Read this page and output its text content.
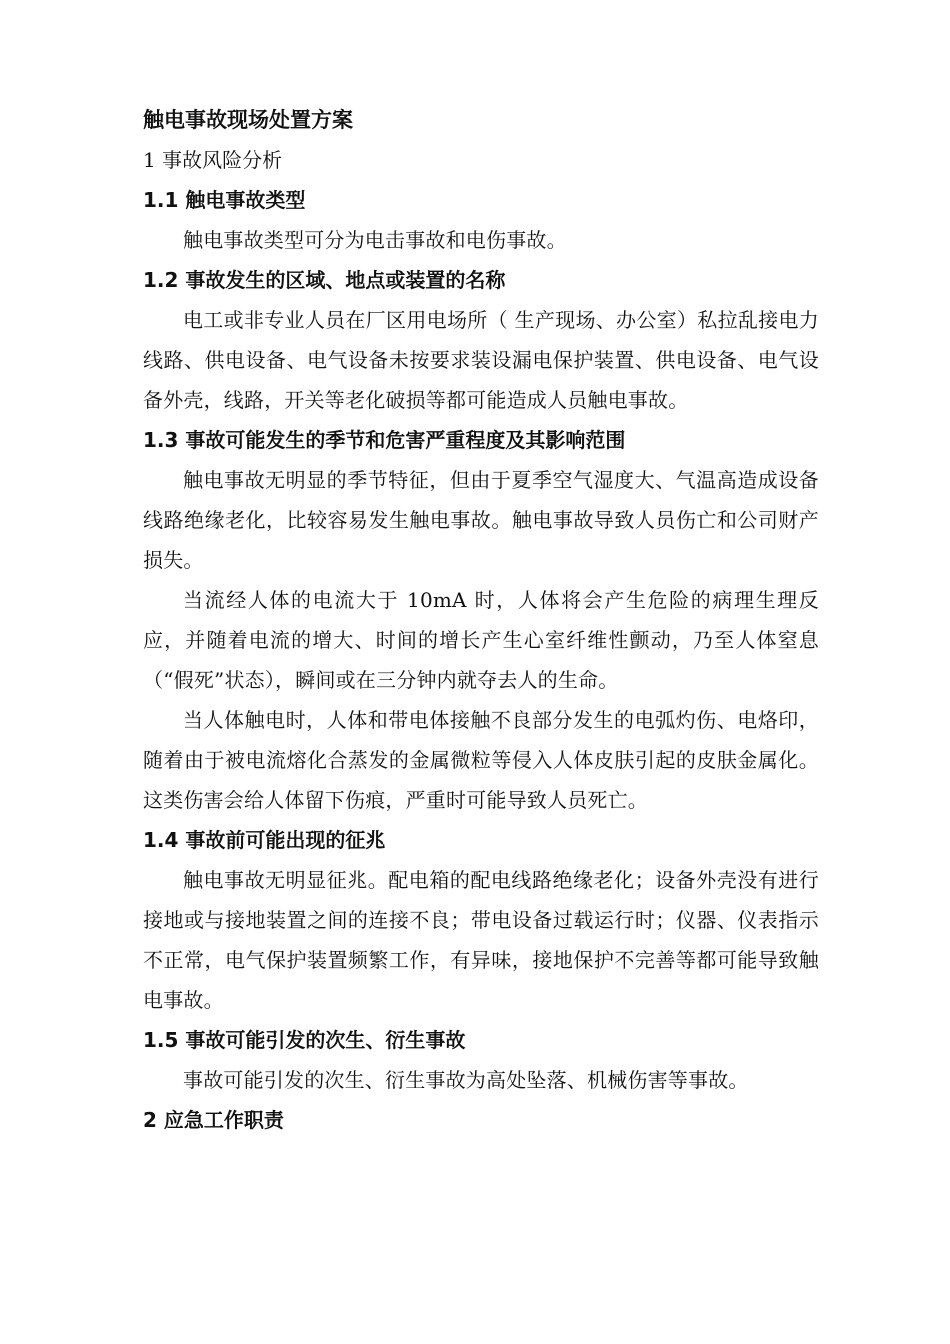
触电事故现场处置方案

1 事故风险分析

1.1 触电事故类型

触电事故类型可分为电击事故和电伤事故。

1.2 事故发生的区域、地点或装置的名称

电工或非专业人员在厂区用电场所（ 生产现场、办公室）私拉乱接电力线路、供电设备、电气设备未按要求装设漏电保护装置、供电设备、电气设备外壳，线路，开关等老化破损等都可能造成人员触电事故。

1.3 事故可能发生的季节和危害严重程度及其影响范围

触电事故无明显的季节特征，但由于夏季空气湿度大、气温高造成设备线路绝缘老化，比较容易发生触电事故。触电事故导致人员伤亡和公司财产损失。

当流经人体的电流大于 10mA 时，人体将会产生危险的病理生理反应，并随着电流的增大、时间的增长产生心室纤维性颤动，乃至人体窒息（“假死”状态），瞬间或在三分钟内就夺去人的生命。

当人体触电时，人体和带电体接触不良部分发生的电弧灼伤、电烙印，随着由于被电流熔化合蒸发的金属微粒等侵入人体皮肤引起的皮肤金属化。这类伤害会给人体留下伤痕，严重时可能导致人员死亡。

1.4 事故前可能出现的征兆

触电事故无明显征兆。配电箱的配电线路绝缘老化；设备外壳没有进行接地或与接地装置之间的连接不良；带电设备过载运行时；仪器、仪表指示不正常，电气保护装置频繁工作，有异味，接地保护不完善等都可能导致触电事故。

1.5 事故可能引发的次生、衍生事故

事故可能引发的次生、衍生事故为高处坠落、机械伤害等事故。

2 应急工作职责
